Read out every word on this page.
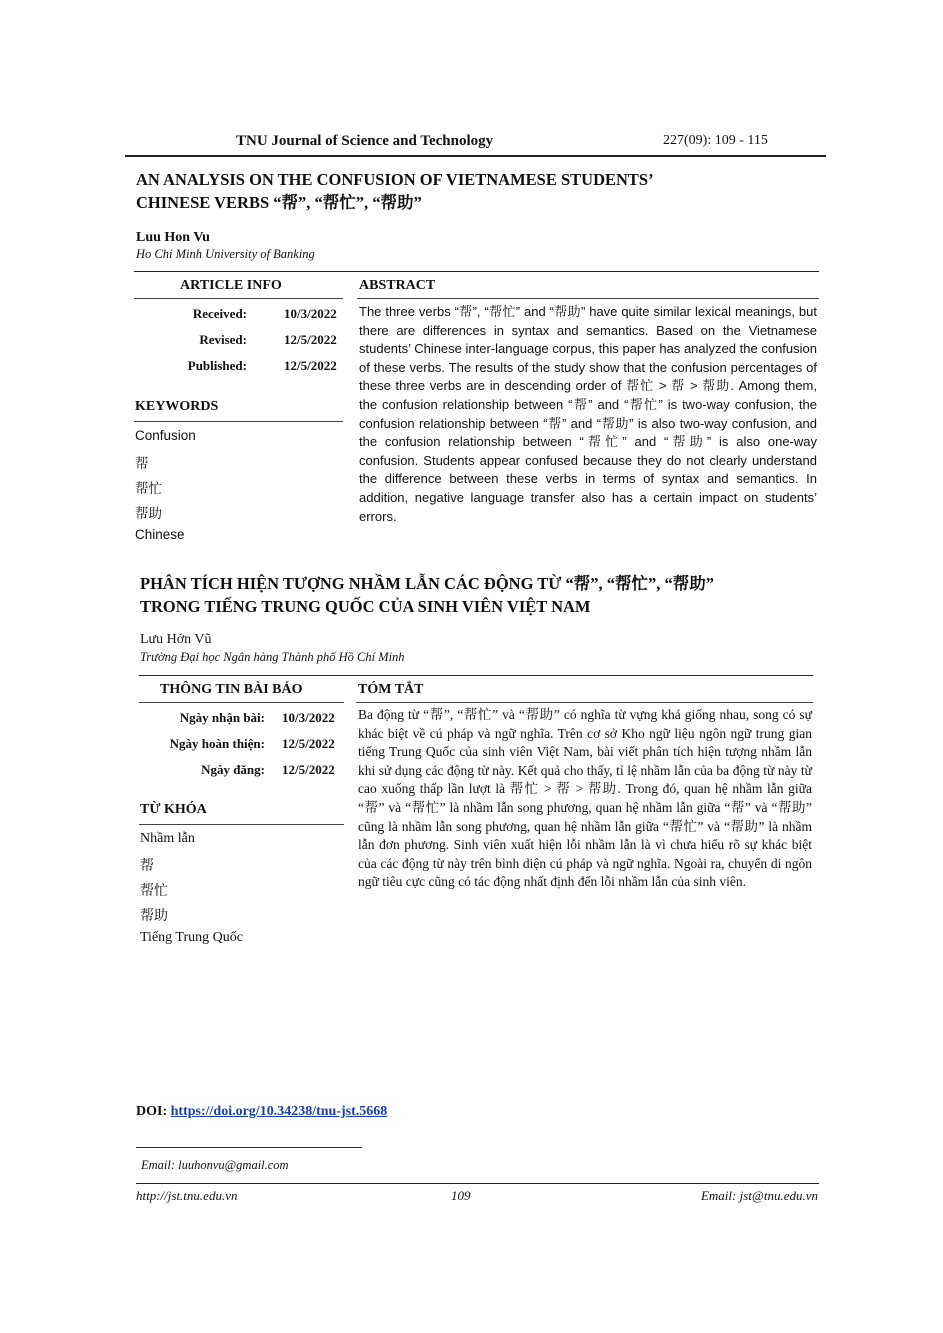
TNU Journal of Science and Technology	227(09): 109 - 115
AN ANALYSIS ON THE CONFUSION OF VIETNAMESE STUDENTS’
CHINESE VERBS “帮”, “帮忙”, “帮助”
Luu Hon Vu
Ho Chi Minh University of Banking
ARTICLE INFO	ABSTRACT
Received:	10/3/2022
Revised:	12/5/2022
Published:	12/5/2022
KEYWORDS
Confusion
帮
帮忙
帮助
Chinese
The three verbs “帮”, “帮忙” and “帮助” have quite similar lexical meanings, but there are differences in syntax and semantics. Based on the Vietnamese students’ Chinese inter-language corpus, this paper has analyzed the confusion of these verbs. The results of the study show that the confusion percentages of these three verbs are in descending order of 帮忙 > 帮 > 帮助. Among them, the confusion relationship between “帮” and “帮忙” is two-way confusion, the confusion relationship between “帮” and “帮助” is also two-way confusion, and the confusion relationship between “帮忙” and “帮助” is also one-way confusion. Students appear confused because they do not clearly understand the difference between these verbs in terms of syntax and semantics. In addition, negative language transfer also has a certain impact on students’ errors.
PHÂN TÍCH HIỆN TƯỢNG NHẦM LẪN CÁC ĐỘNG TỪ “帮”, “帮忙”, “帮助”
TRONG TIẾNG TRUNG QUỐC CỦA SINH VIÊN VIỆT NAM
Lưu Hớn Vũ
Trường Đại học Ngân hàng Thành phố Hồ Chí Minh
THÔNG TIN BÀI BÁO	TÓM TẮT
Ngày nhận bài: 10/3/2022
Ngày hoàn thiện: 12/5/2022
Ngày đăng: 12/5/2022
TỪ KHÓA
Nhầm lẫn
帮
帮忙
帮助
Tiếng Trung Quốc
Ba động từ “帮”, “帮忙” và “帮助” có nghĩa từ vựng khá giống nhau, song có sự khác biệt về cú pháp và ngữ nghĩa. Trên cơ sở Kho ngữ liệu ngôn ngữ trung gian tiếng Trung Quốc của sinh viên Việt Nam, bài viết phân tích hiện tượng nhầm lẫn khi sử dụng các động từ này. Kết quả cho thấy, tỉ lệ nhầm lẫn của ba động từ này từ cao xuống thấp lần lượt là 帮忙 > 帮 > 帮助. Trong đó, quan hệ nhầm lẫn giữa “帮” và “帮忙” là nhầm lẫn song phương, quan hệ nhầm lẫn giữa “帮” và “帮助” cũng là nhầm lẫn song phương, quan hệ nhầm lẫn giữa “帮忙” và “帮助” là nhầm lẫn đơn phương. Sinh viên xuất hiện lỗi nhầm lẫn là vì chưa hiểu rõ sự khác biệt của các động từ này trên bình diện cú pháp và ngữ nghĩa. Ngoài ra, chuyển di ngôn ngữ tiêu cực cũng có tác động nhất định đến lỗi nhầm lẫn của sinh viên.
DOI: https://doi.org/10.34238/tnu-jst.5668
Email: luuhonvu@gmail.com
http://jst.tnu.edu.vn	109	Email: jst@tnu.edu.vn
